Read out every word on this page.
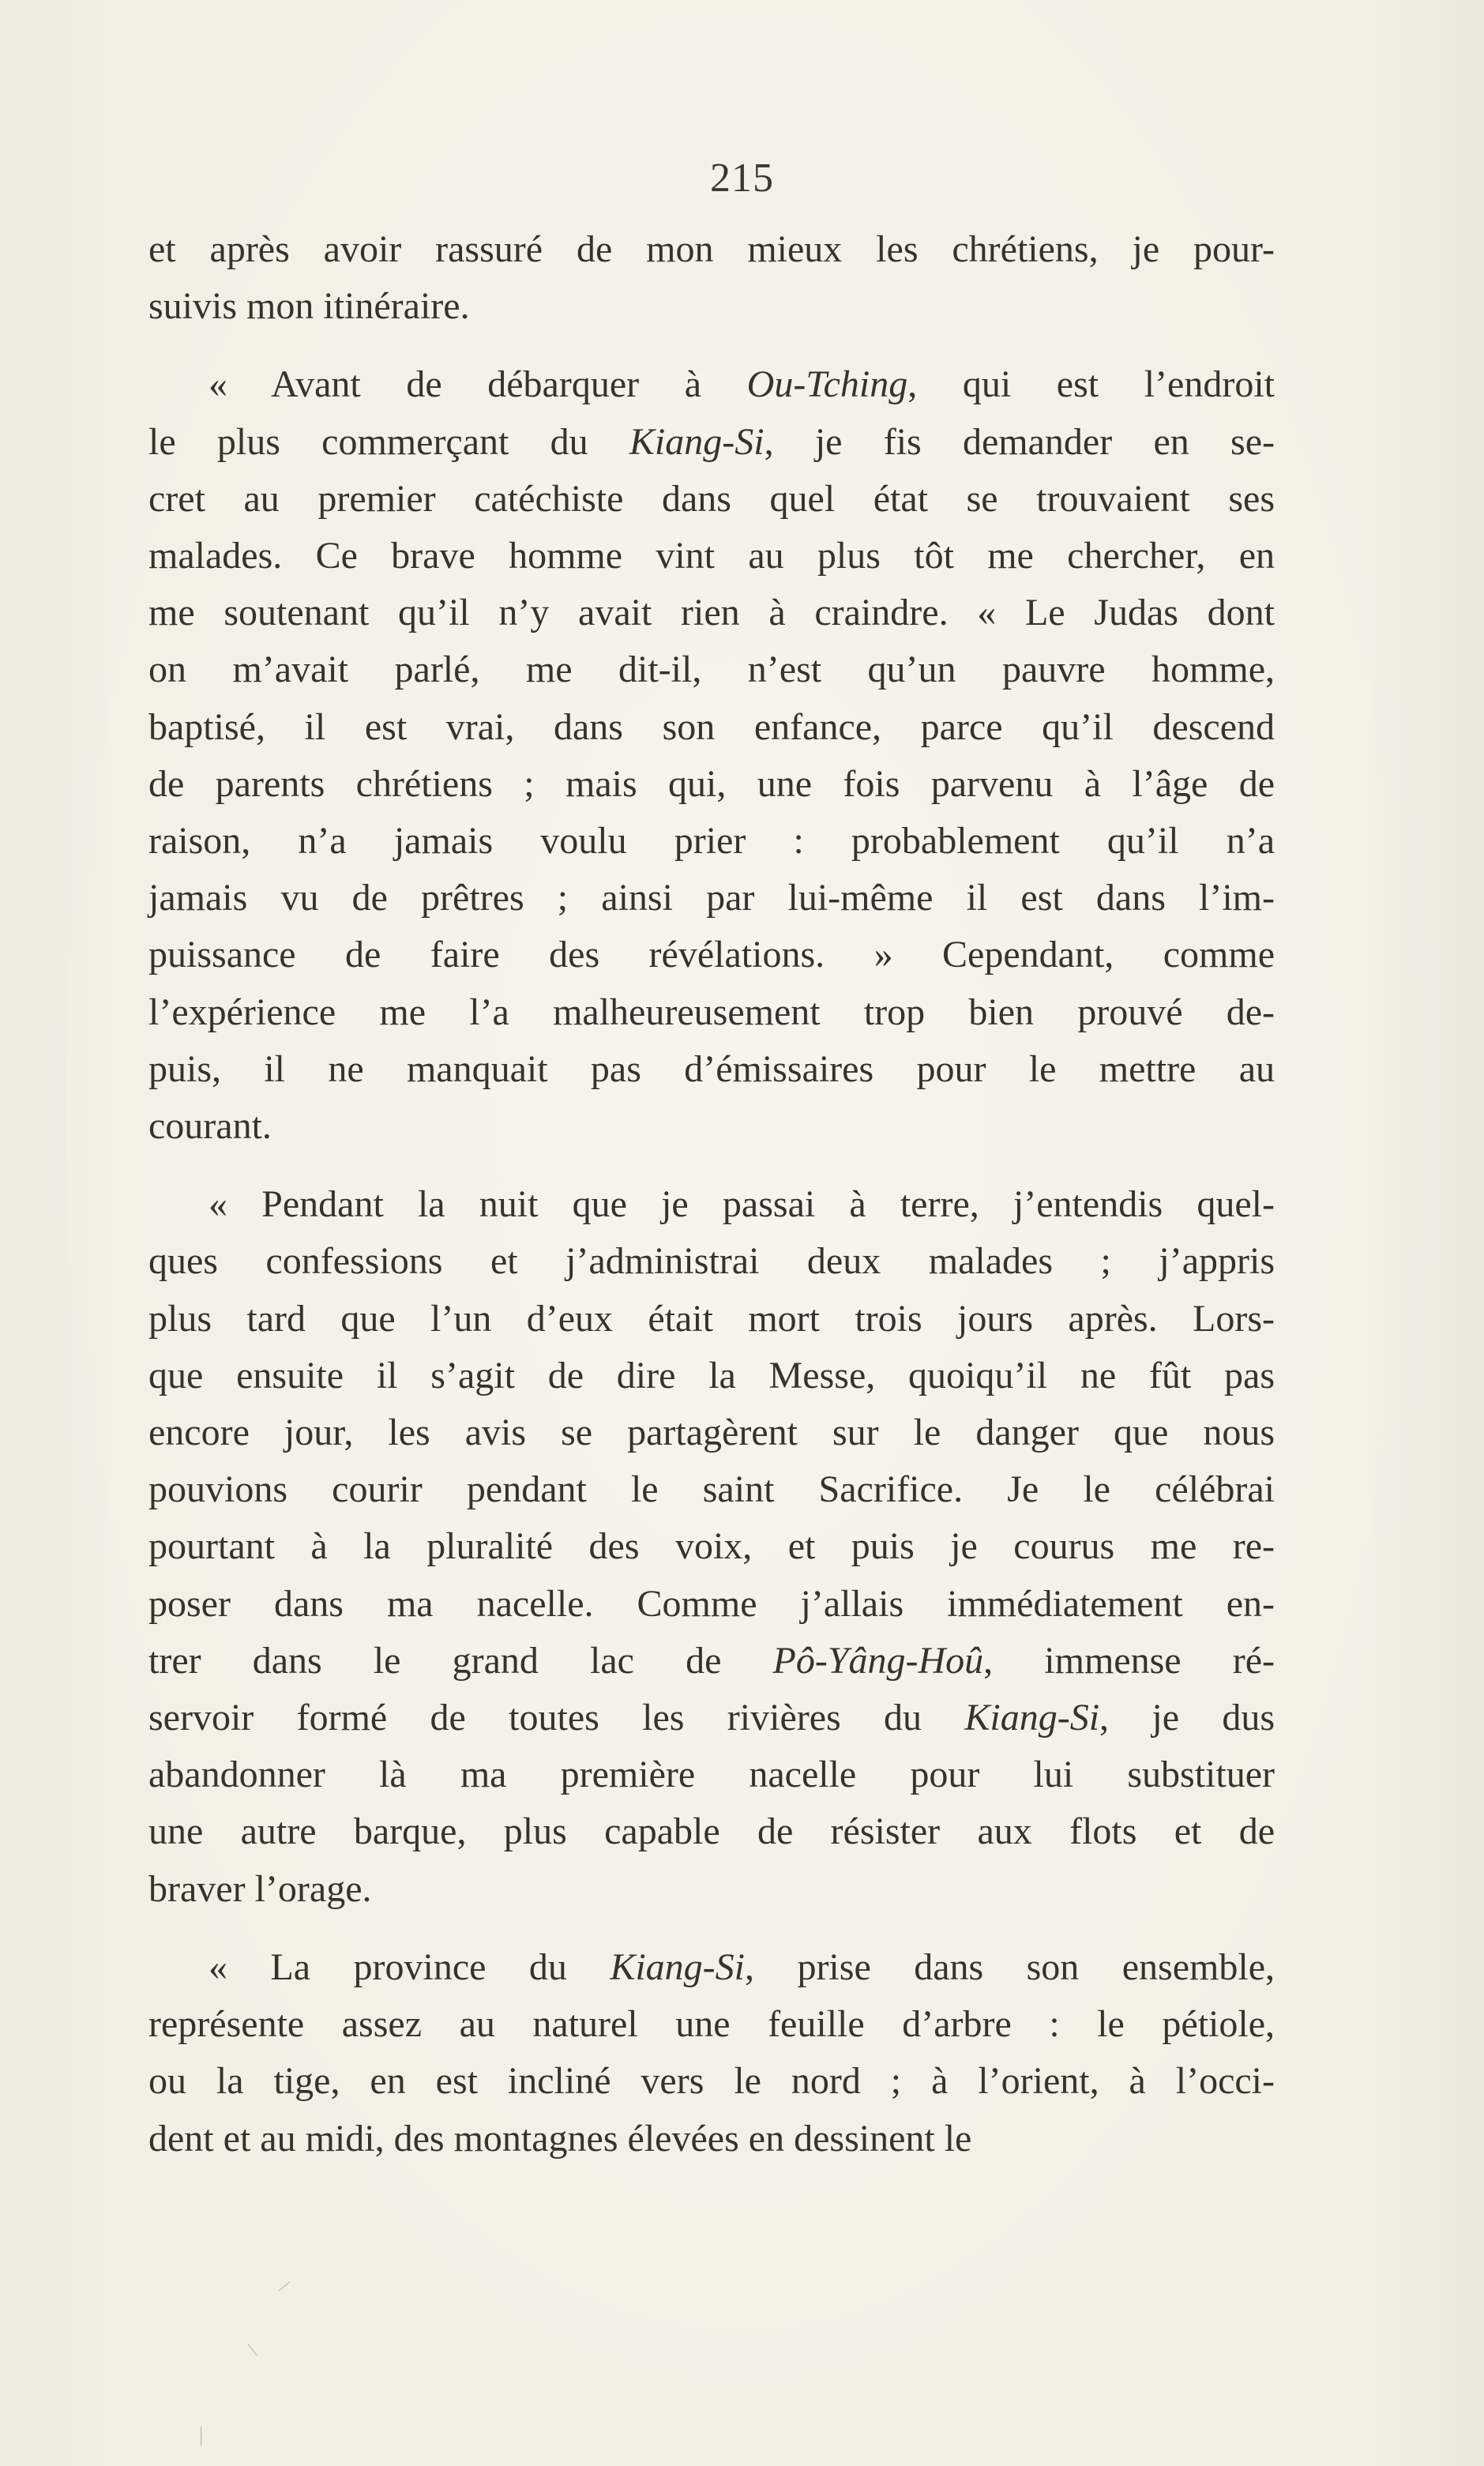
215
et après avoir rassuré de mon mieux les chrétiens, je pour-
suivis mon itinéraire.
« Avant de débarquer à Ou-Tching, qui est l’endroit
le plus commerçant du Kiang-Si, je fis demander en se-
cret au premier catéchiste dans quel état se trouvaient ses
malades. Ce brave homme vint au plus tôt me chercher, en
me soutenant qu’il n’y avait rien à craindre. « Le Judas dont
on m’avait parlé, me dit-il, n’est qu’un pauvre homme,
baptisé, il est vrai, dans son enfance, parce qu’il descend
de parents chrétiens ; mais qui, une fois parvenu à l’âge de
raison, n’a jamais voulu prier : probablement qu’il n’a
jamais vu de prêtres ; ainsi par lui-même il est dans l’im-
puissance de faire des révélations. » Cependant, comme
l’expérience me l’a malheureusement trop bien prouvé de-
puis, il ne manquait pas d’émissaires pour le mettre au
courant.
« Pendant la nuit que je passai à terre, j’entendis quel-
ques confessions et j’administrai deux malades ; j’appris
plus tard que l’un d’eux était mort trois jours après. Lors-
que ensuite il s’agit de dire la Messe, quoiqu’il ne fût pas
encore jour, les avis se partagèrent sur le danger que nous
pouvions courir pendant le saint Sacrifice. Je le célébrai
pourtant à la pluralité des voix, et puis je courus me re-
poser dans ma nacelle. Comme j’allais immédiatement en-
trer dans le grand lac de Pô-Yâng-Hoû, immense ré-
servoir formé de toutes les rivières du Kiang-Si, je dus
abandonner là ma première nacelle pour lui substituer
une autre barque, plus capable de résister aux flots et de
braver l’orage.
« La province du Kiang-Si, prise dans son ensemble,
représente assez au naturel une feuille d’arbre : le pétiole,
ou la tige, en est incliné vers le nord ; à l’orient, à l’occi-
dent et au midi, des montagnes élevées en dessinent le
/
\
|
